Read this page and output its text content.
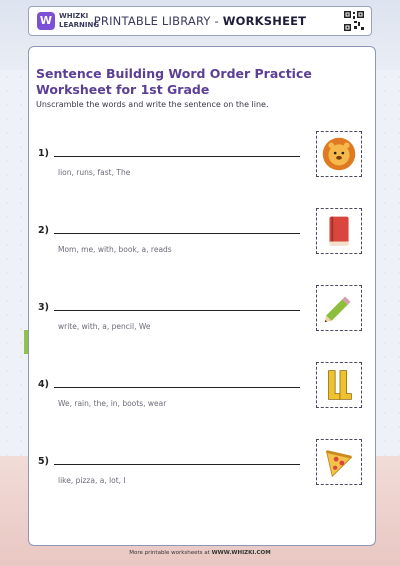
W WHIZKI
LEARNING
PRINTABLE LIBRARY - WORKSHEET
Sentence Building Word Order Practice Worksheet for 1st Grade
Unscramble the words and write the sentence on the line.
1)
lion, runs, fast, The
2)
Mom, me, with, book, a, reads
3)
write, with, a, pencil, We
4)
We, rain, the, in, boots, wear
5)
like, pizza, a, lot, I
More printable worksheets at WWW.WHIZKI.COM
